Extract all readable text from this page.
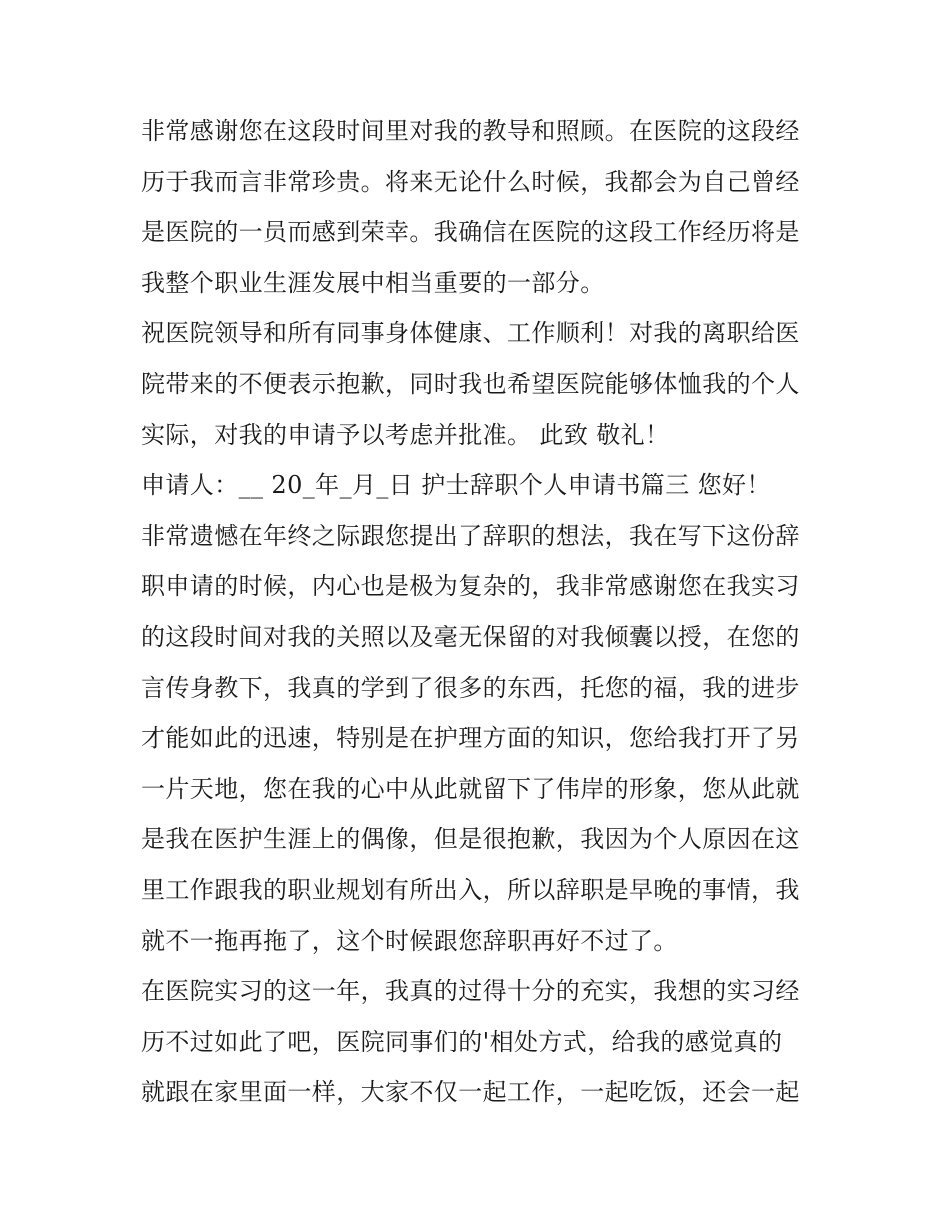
非常感谢您在这段时间里对我的教导和照顾。在医院的这段经
历于我而言非常珍贵。将来无论什么时候，我都会为自己曾经
是医院的一员而感到荣幸。我确信在医院的这段工作经历将是
我整个职业生涯发展中相当重要的一部分。
祝医院领导和所有同事身体健康、工作顺利！对我的离职给医
院带来的不便表示抱歉，同时我也希望医院能够体恤我的个人
实际，对我的申请予以考虑并批准。 此致 敬礼！
申请人：__ 20_年_月_日 护士辞职个人申请书篇三 您好！
非常遗憾在年终之际跟您提出了辞职的想法，我在写下这份辞
职申请的时候，内心也是极为复杂的，我非常感谢您在我实习
的这段时间对我的关照以及毫无保留的对我倾囊以授，在您的
言传身教下，我真的学到了很多的东西，托您的福，我的进步
才能如此的迅速，特别是在护理方面的知识，您给我打开了另
一片天地，您在我的心中从此就留下了伟岸的形象，您从此就
是我在医护生涯上的偶像，但是很抱歉，我因为个人原因在这
里工作跟我的职业规划有所出入，所以辞职是早晚的事情，我
就不一拖再拖了，这个时候跟您辞职再好不过了。
在医院实习的这一年，我真的过得十分的充实，我想的实习经
历不过如此了吧，医院同事们的'相处方式，给我的感觉真的
就跟在家里面一样，大家不仅一起工作，一起吃饭，还会一起
